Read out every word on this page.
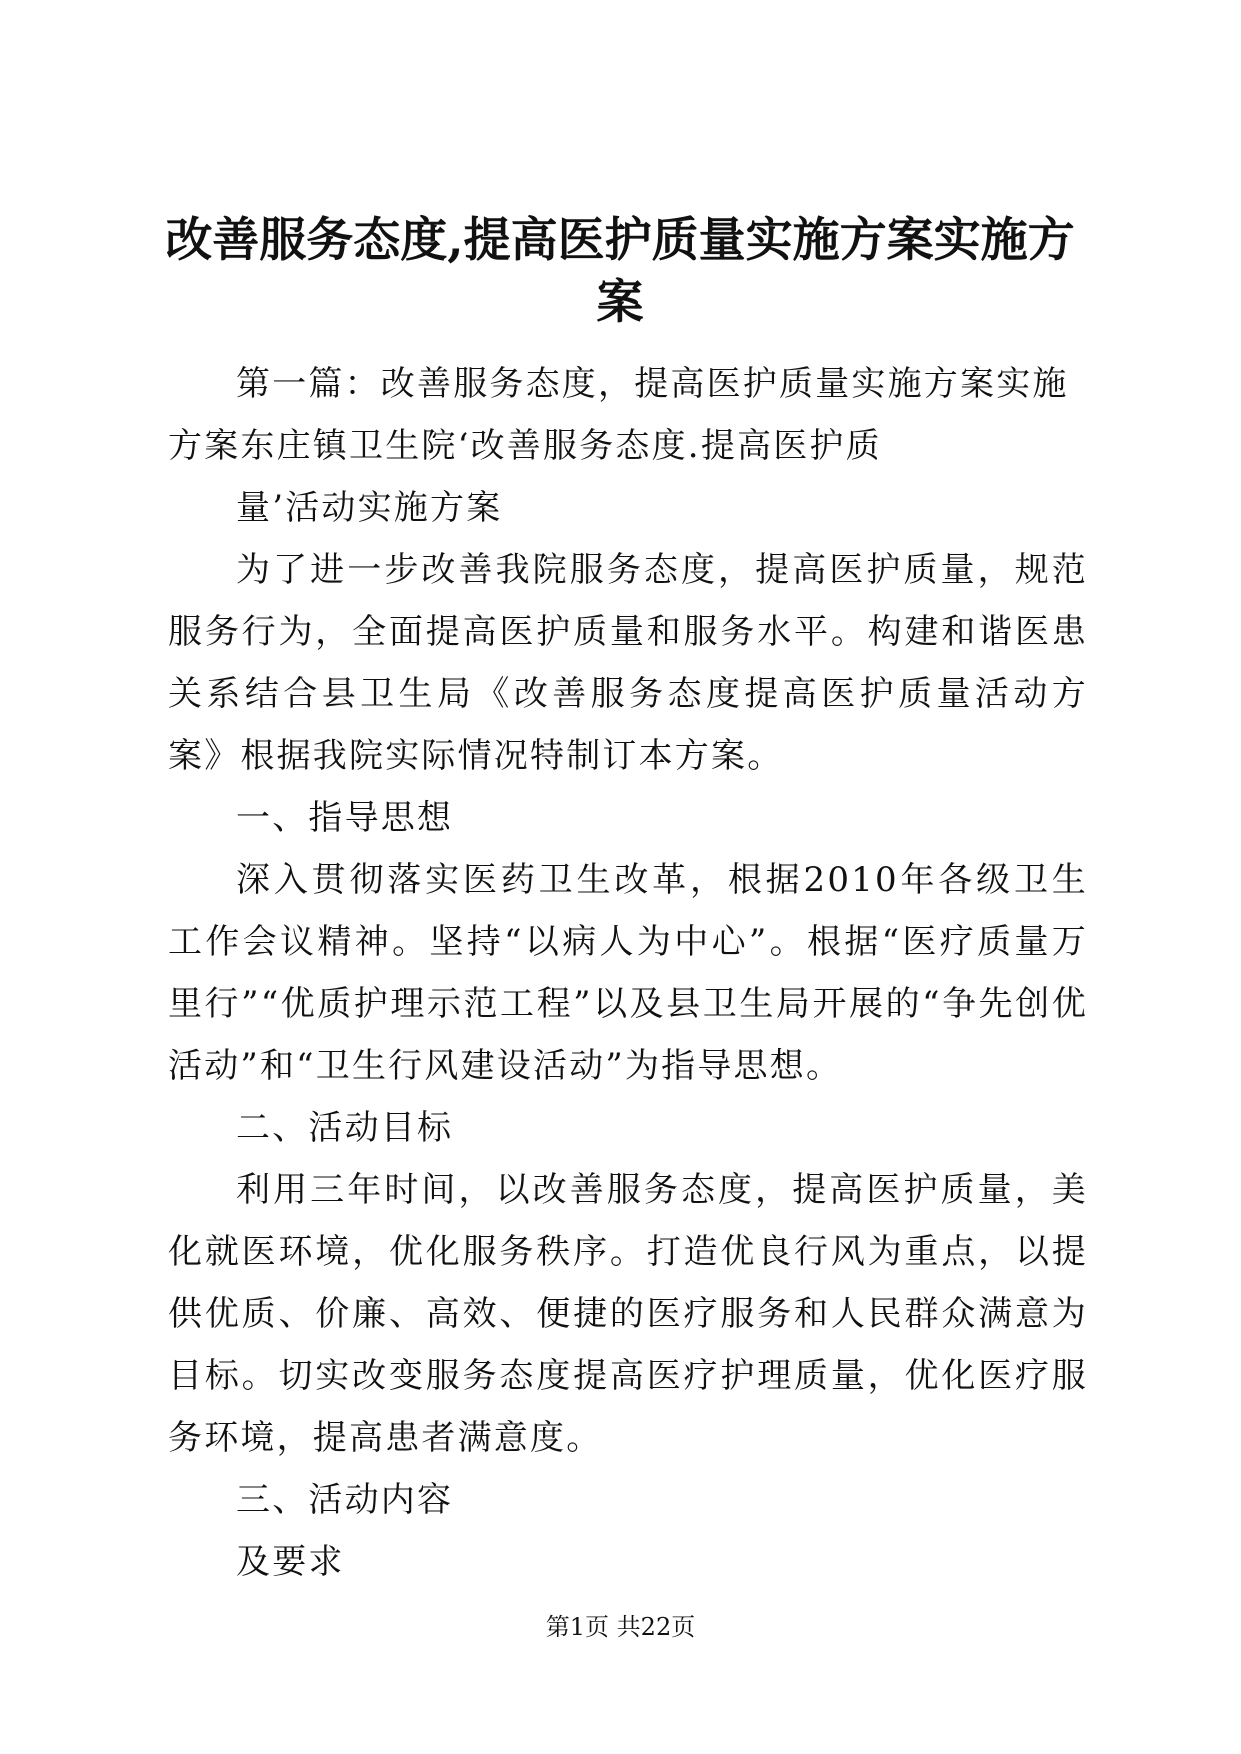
改善服务态度,提高医护质量实施方案实施方
案

第一篇：改善服务态度，提高医护质量实施方案实施方案东庄镇卫生院‘改善服务态度.提高医护质

量’活动实施方案

为了进一步改善我院服务态度，提高医护质量，规范服务行为，全面提高医护质量和服务水平。构建和谐医患关系结合县卫生局《改善服务态度提高医护质量活动方案》根据我院实际情况特制订本方案。

一、指导思想

深入贯彻落实医药卫生改革，根据2010年各级卫生工作会议精神。坚持“以病人为中心”。根据“医疗质量万里行”“优质护理示范工程”以及县卫生局开展的“争先创优活动”和“卫生行风建设活动”为指导思想。

二、活动目标

利用三年时间，以改善服务态度，提高医护质量，美化就医环境，优化服务秩序。打造优良行风为重点，以提供优质、价廉、高效、便捷的医疗服务和人民群众满意为目标。切实改变服务态度提高医疗护理质量，优化医疗服务环境，提高患者满意度。

三、活动内容

及要求

第1页 共22页
